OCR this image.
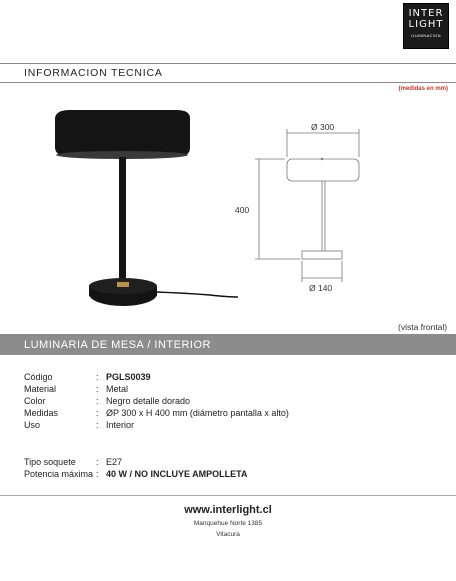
INTER
LIGHT
ILUMINACION
INFORMACION TECNICA
(medidas en mm)
Ø 300
400
Ø 140
(vista frontal)
LUMINARIA DE MESA / INTERIOR
Código	: PGLS0039
Material	: Metal
Color	: Negro detalle dorado
Medidas	: ØP 300 x H 400 mm (diámetro pantalla x alto)
Uso	: Interior
Tipo soquete	: E27
Potencia máxima : 40 W / NO INCLUYE AMPOLLETA
www.interlight.cl
Manquehue Norte 1385
Vitacura
